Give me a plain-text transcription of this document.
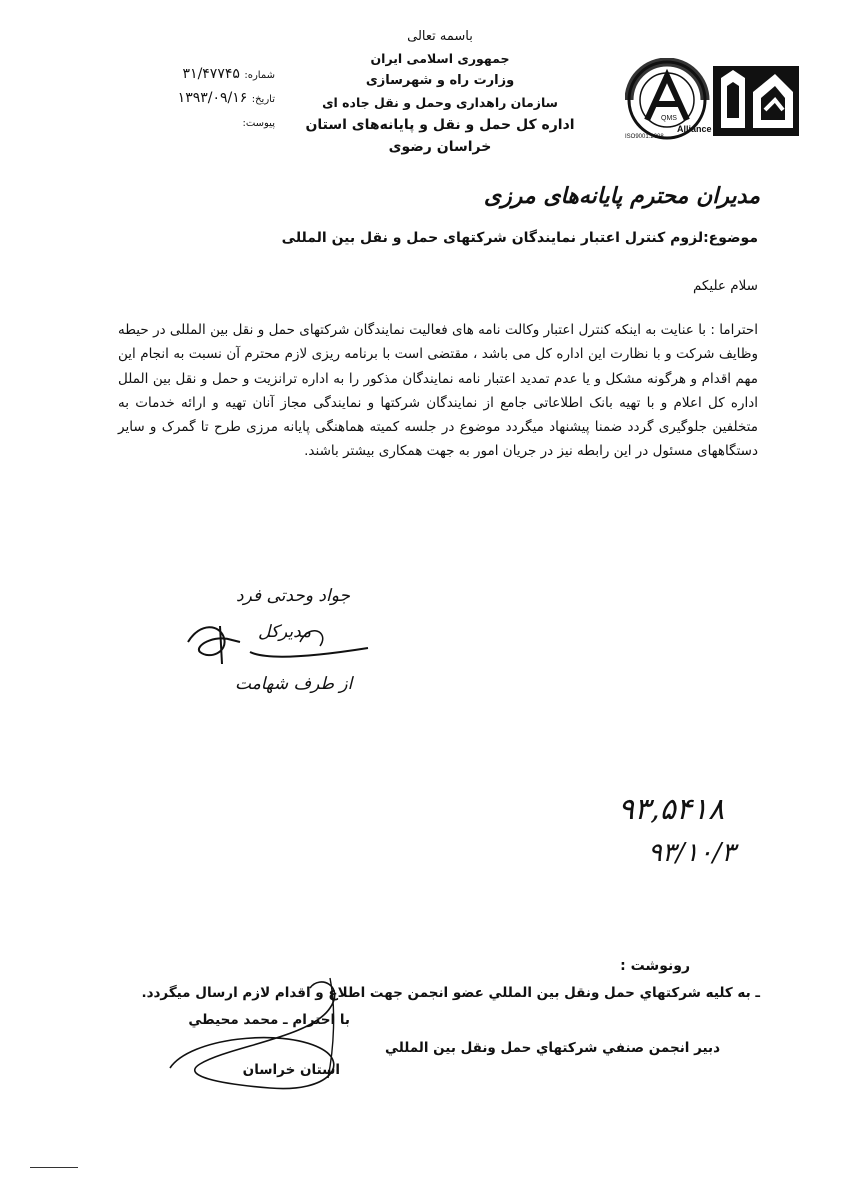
QMS
Alliance
ISO9001:2008
باسمه تعالی
جمهوری اسلامی ایران
وزارت راه و شهرسازی
سازمان راهداری وحمل و نقل جاده ای
اداره کل حمل و نقل و پایانه‌های استان خراسان رضوی
شماره: ۳۱/۴۷۷۴۵
تاریخ: ۱۳۹۳/۰۹/۱۶
پیوست:
مدیران محترم پایانه‌های مرزی
موضوع:لزوم کنترل اعتبار نمایندگان شرکتهای حمل و نقل بین المللی
سلام علیکم
احتراما : با عنایت به اینکه کنترل اعتبار وکالت نامه های فعالیت نمایندگان شرکتهای حمل و نقل بین المللی در حیطه وظایف شرکت و با نظارت این اداره کل می باشد ، مقتضی است با برنامه ریزی لازم محترم آن نسبت به انجام این مهم اقدام و هرگونه مشکل و یا عدم تمدید اعتبار نامه نمایندگان مذکور را به اداره ترانزیت و حمل و نقل بین الملل اداره کل اعلام و با تهیه بانک اطلاعاتی جامع از نمایندگان شرکتها و نمایندگی مجاز آنان تهیه و ارائه خدمات به متخلفین جلوگیری گردد ضمنا پیشنهاد میگردد موضوع در جلسه کمیته هماهنگی پایانه مرزی طرح تا گمرک و سایر دستگاههای مسئول در این رابطه نیز در جریان امور به جهت همکاری بیشتر باشند.
جواد وحدتی فرد
مدیرکل
از طرف شهامت
۹۳,۵۴۱۸
۹۳/۱۰/۳
رونوشت :
ـ به کلیه شرکتهاي حمل ونقل بین المللي عضو انجمن جهت اطلاع و اقدام لازم ارسال میگردد.
با احترام ـ محمد محیطي
دبیر انجمن صنفي شرکتهاي حمل ونقل بین المللي
استان خراسان
